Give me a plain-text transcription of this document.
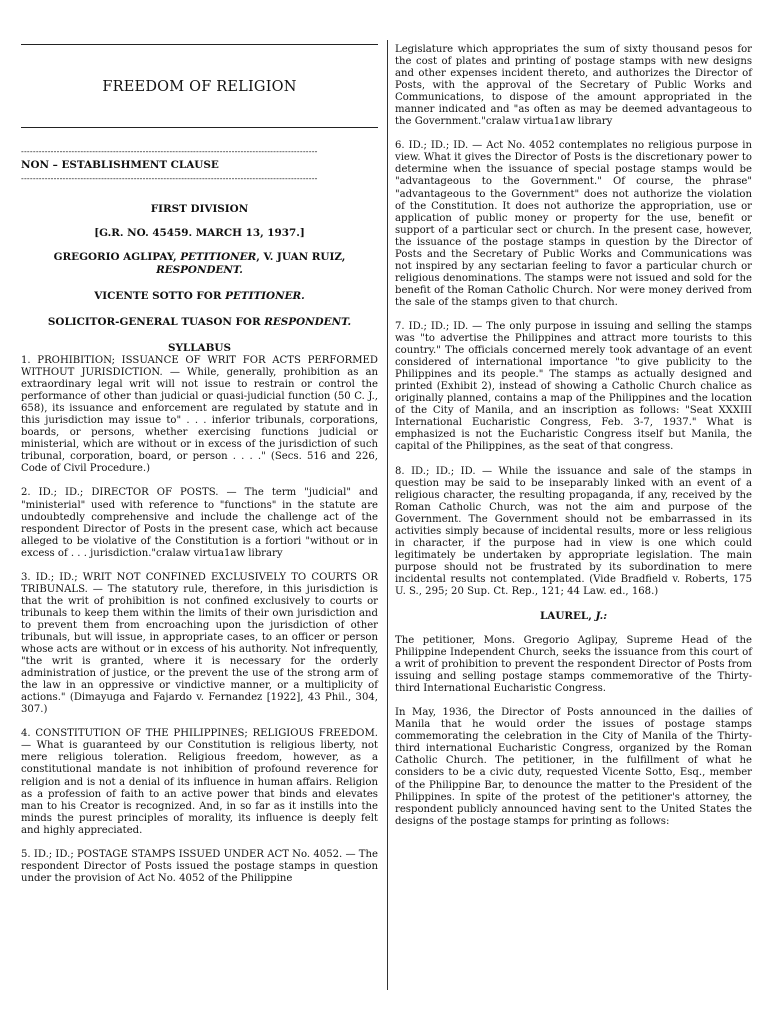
FREEDOM OF RELIGION
----------------------------------------------------------------------------------------------------
NON – ESTABLISHMENT CLAUSE
----------------------------------------------------------------------------------------------------
FIRST DIVISION
[G.R. NO. 45459. MARCH 13, 1937.]
GREGORIO AGLIPAY, PETITIONER, V. JUAN RUIZ, RESPONDENT.
VICENTE SOTTO FOR PETITIONER.
SOLICITOR-GENERAL TUASON FOR RESPONDENT.
SYLLABUS

1. PROHIBITION; ISSUANCE OF WRIT FOR ACTS PERFORMED WITHOUT JURISDICTION. — While, generally, prohibition as an extraordinary legal writ will not issue to restrain or control the performance of other than judicial or quasi-judicial function (50 C. J., 658), its issuance and enforcement are regulated by statute and in this jurisdiction may issue to" . . . inferior tribunals, corporations, boards, or persons, whether exercising functions judicial or ministerial, which are without or in excess of the jurisdiction of such tribunal, corporation, board, or person . . . ." (Secs. 516 and 226, Code of Civil Procedure.)

2. ID.; ID.; DIRECTOR OF POSTS. — The term "judicial" and "ministerial" used with reference to "functions" in the statute are undoubtedly comprehensive and include the challenge act of the respondent Director of Posts in the present case, which act because alleged to be violative of the Constitution is a fortiori "without or in excess of . . . jurisdiction."cralaw virtua1aw library

3. ID.; ID.; WRIT NOT CONFINED EXCLUSIVELY TO COURTS OR TRIBUNALS. — The statutory rule, therefore, in this jurisdiction is that the writ of prohibition is not confined exclusively to courts or tribunals to keep them within the limits of their own jurisdiction and to prevent them from encroaching upon the jurisdiction of other tribunals, but will issue, in appropriate cases, to an officer or person whose acts are without or in excess of his authority. Not infrequently, "the writ is granted, where it is necessary for the orderly administration of justice, or the prevent the use of the strong arm of the law in an oppressive or vindictive manner, or a multiplicity of actions." (Dimayuga and Fajardo v. Fernandez [1922], 43 Phil., 304, 307.)

4. CONSTITUTION OF THE PHILIPPINES; RELIGIOUS FREEDOM. — What is guaranteed by our Constitution is religious liberty, not mere religious toleration. Religious freedom, however, as a constitutional mandate is not inhibition of profound reverence for religion and is not a denial of its influence in human affairs. Religion as a profession of faith to an active power that binds and elevates man to his Creator is recognized. And, in so far as it instills into the minds the purest principles of morality, its influence is deeply felt and highly appreciated.

5. ID.; ID.; POSTAGE STAMPS ISSUED UNDER ACT No. 4052. — The respondent Director of Posts issued the postage stamps in question under the provision of Act No. 4052 of the Philippine

Legislature which appropriates the sum of sixty thousand pesos for the cost of plates and printing of postage stamps with new designs and other expenses incident thereto, and authorizes the Director of Posts, with the approval of the Secretary of Public Works and Communications, to dispose of the amount appropriated in the manner indicated and "as often as may be deemed advantageous to the Government."cralaw virtua1aw library

6. ID.; ID.; ID. — Act No. 4052 contemplates no religious purpose in view. What it gives the Director of Posts is the discretionary power to determine when the issuance of special postage stamps would be "advantageous to the Government." Of course, the phrase" "advantageous to the Government" does not authorize the violation of the Constitution. It does not authorize the appropriation, use or application of public money or property for the use, benefit or support of a particular sect or church. In the present case, however, the issuance of the postage stamps in question by the Director of Posts and the Secretary of Public Works and Communications was not inspired by any sectarian feeling to favor a particular church or religious denominations. The stamps were not issued and sold for the benefit of the Roman Catholic Church. Nor were money derived from the sale of the stamps given to that church.

7. ID.; ID.; ID. — The only purpose in issuing and selling the stamps was "to advertise the Philippines and attract more tourists to this country." The officials concerned merely took advantage of an event considered of international importance "to give publicity to the Philippines and its people." The stamps as actually designed and printed (Exhibit 2), instead of showing a Catholic Church chalice as originally planned, contains a map of the Philippines and the location of the City of Manila, and an inscription as follows: "Seat XXXIII International Eucharistic Congress, Feb. 3-7, 1937." What is emphasized is not the Eucharistic Congress itself but Manila, the capital of the Philippines, as the seat of that congress.

8. ID.; ID.; ID. — While the issuance and sale of the stamps in question may be said to be inseparably linked with an event of a religious character, the resulting propaganda, if any, received by the Roman Catholic Church, was not the aim and purpose of the Government. The Government should not be embarrassed in its activities simply because of incidental results, more or less religious in character, if the purpose had in view is one which could legitimately be undertaken by appropriate legislation. The main purpose should not be frustrated by its subordination to mere incidental results not contemplated. (Vide Bradfield v. Roberts, 175 U. S., 295; 20 Sup. Ct. Rep., 121; 44 Law. ed., 168.)

LAUREL, J.:

The petitioner, Mons. Gregorio Aglipay, Supreme Head of the Philippine Independent Church, seeks the issuance from this court of a writ of prohibition to prevent the respondent Director of Posts from issuing and selling postage stamps commemorative of the Thirty-third International Eucharistic Congress.

In May, 1936, the Director of Posts announced in the dailies of Manila that he would order the issues of postage stamps commemorating the celebration in the City of Manila of the Thirty-third international Eucharistic Congress, organized by the Roman Catholic Church. The petitioner, in the fulfillment of what he considers to be a civic duty, requested Vicente Sotto, Esq., member of the Philippine Bar, to denounce the matter to the President of the Philippines. In spite of the protest of the petitioner's attorney, the respondent publicly announced having sent to the United States the designs of the postage stamps for printing as follows:
